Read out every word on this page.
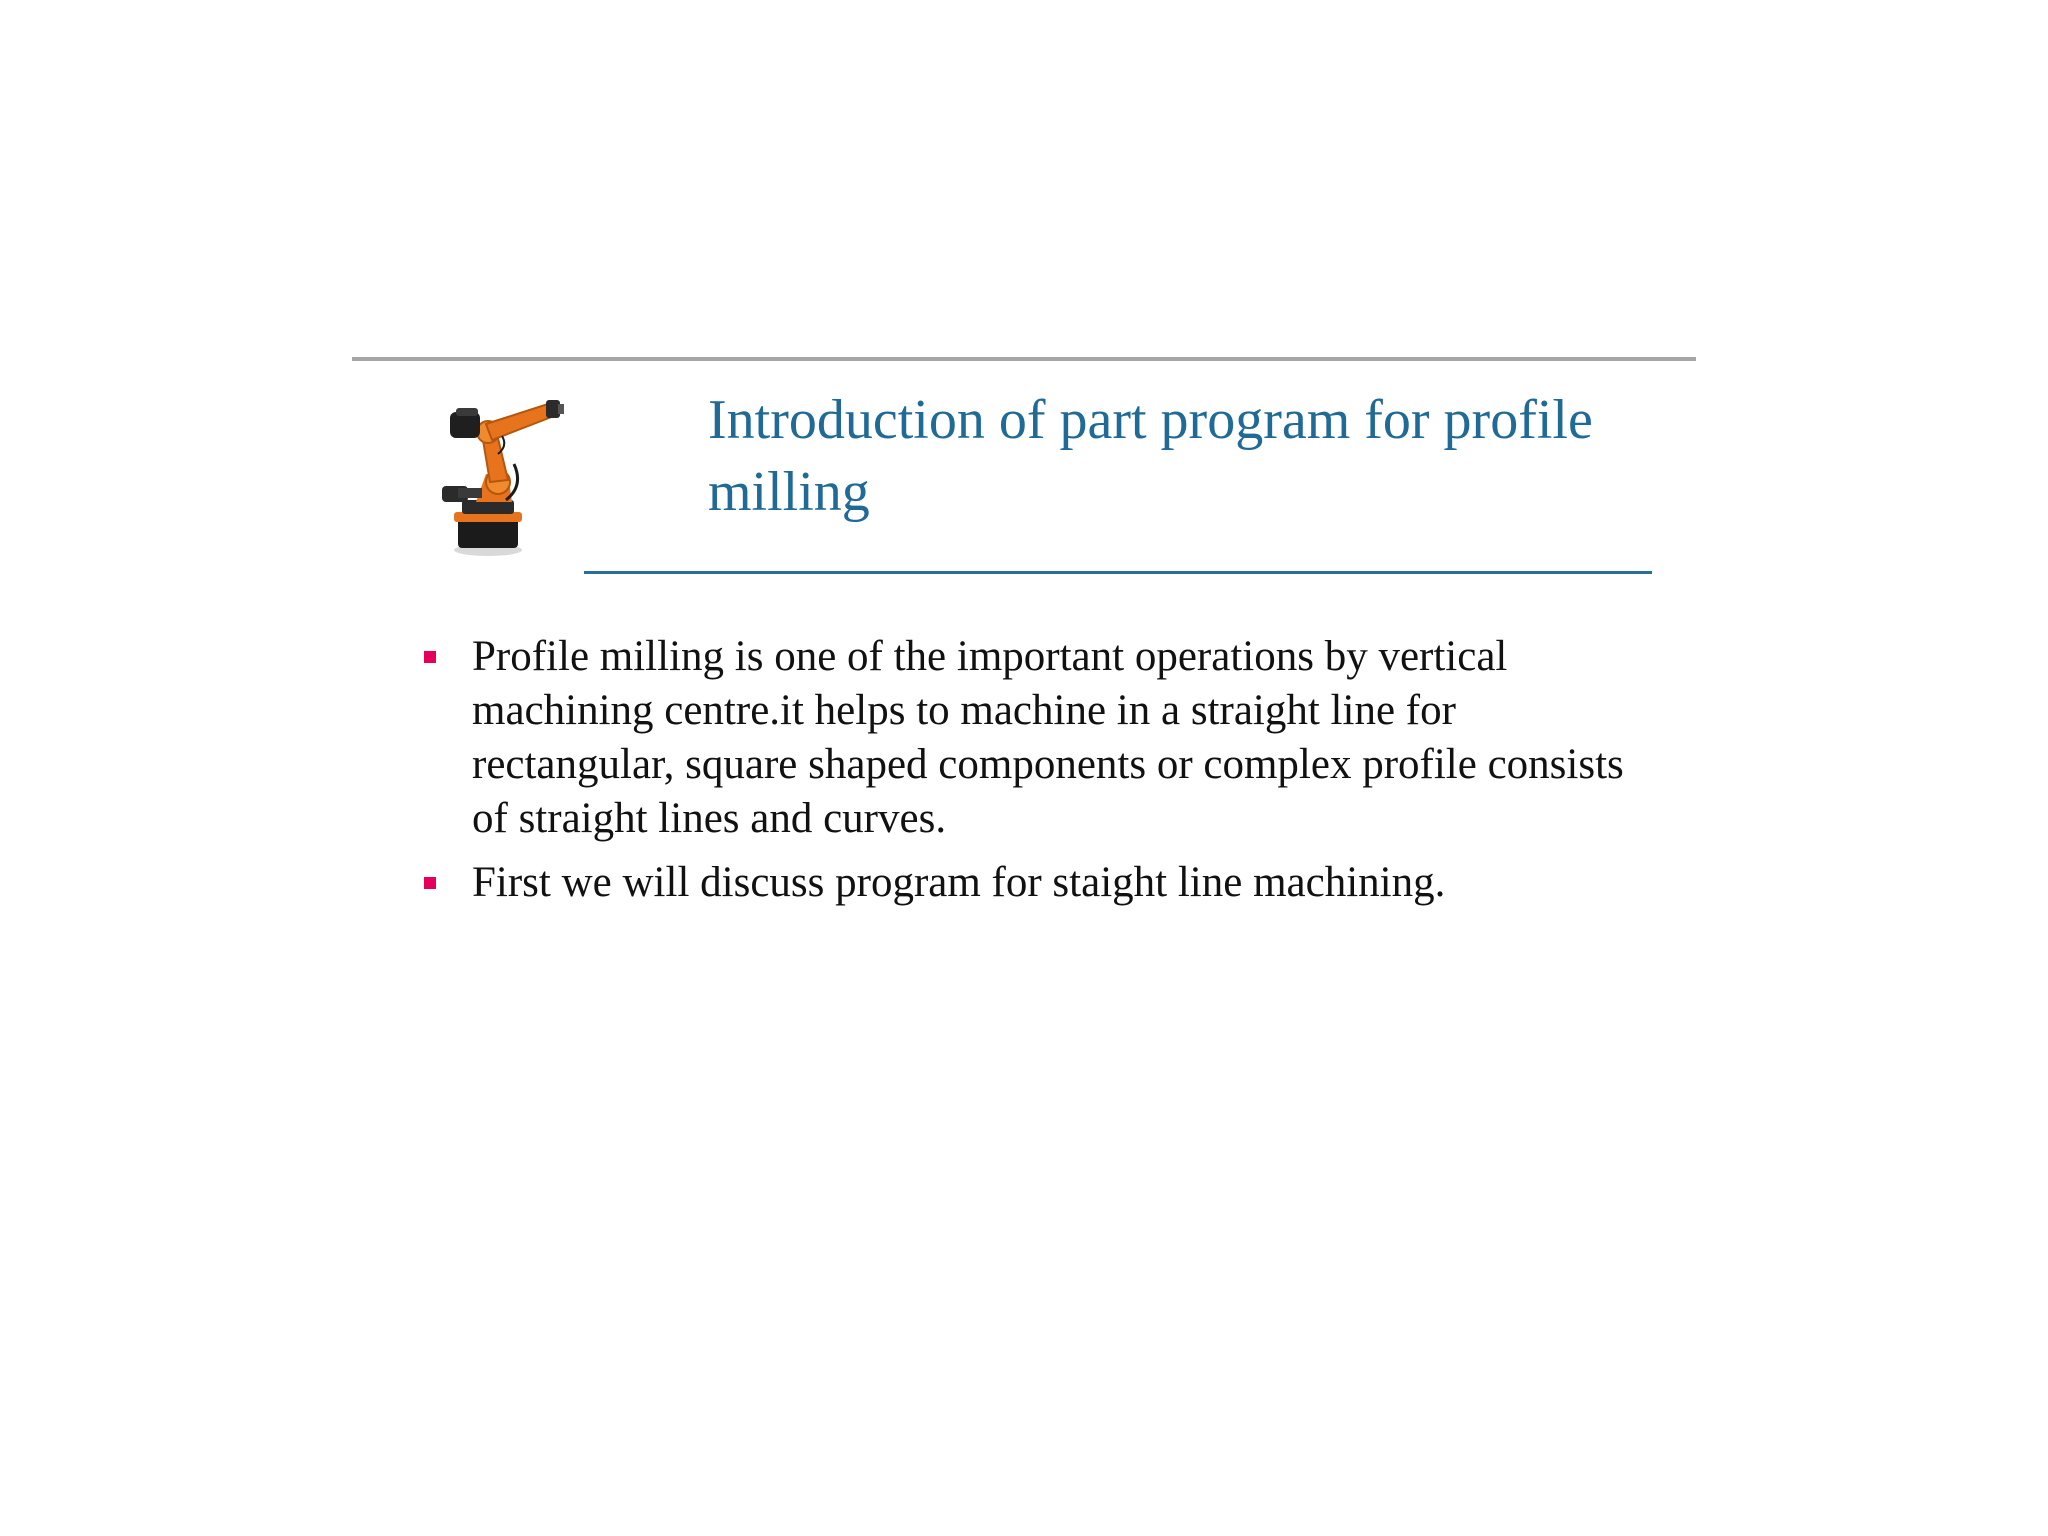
Introduction of part program for profile milling
Profile milling is one of the important operations by vertical machining centre.it helps to machine in a straight line for rectangular, square shaped components or complex profile consists of straight lines and curves.
First we will discuss program for staight line machining.
